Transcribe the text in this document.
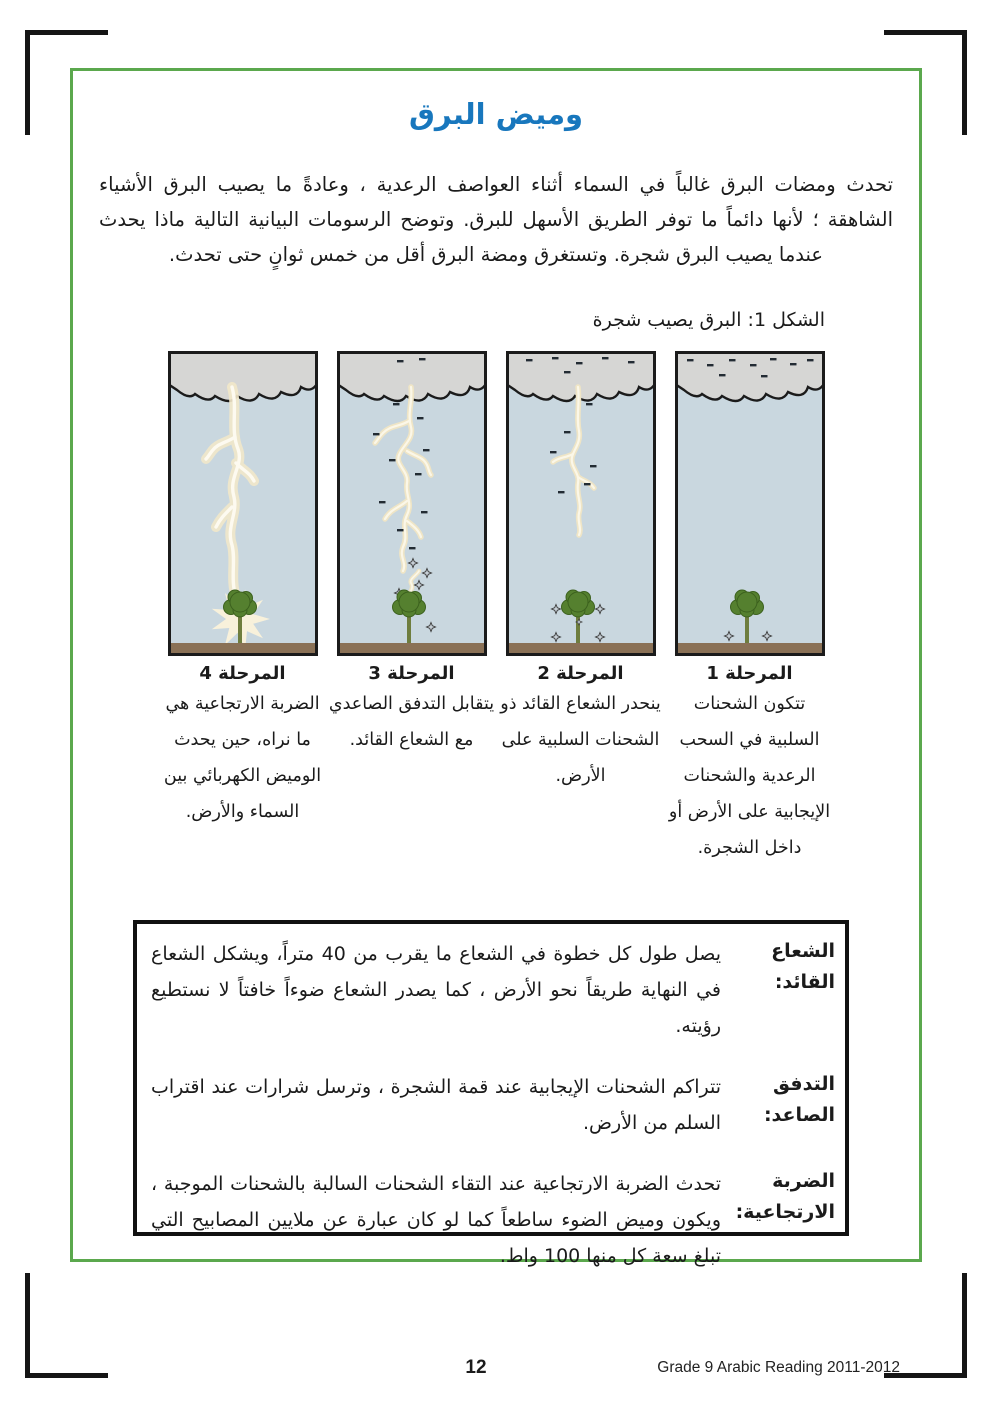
وميض البرق
تحدث ومضات البرق غالباً في السماء أثناء العواصف الرعدية ، وعادةً ما يصيب البرق الأشياء الشاهقة ؛ لأنها دائماً ما توفر الطريق الأسهل للبرق. وتوضح الرسومات البيانية التالية ماذا يحدث عندما يصيب البرق شجرة. وتستغرق ومضة البرق أقل من خمس ثوانٍ حتى تحدث.
الشكل 1: البرق يصيب شجرة
المرحلة 1
تتكون الشحنات السلبية في السحب الرعدية والشحنات الإيجابية على الأرض أو داخل الشجرة.
المرحلة 2
ينحدر الشعاع القائد ذو الشحنات السلبية على الأرض.
المرحلة 3
يتقابل التدفق الصاعدي مع الشعاع القائد.
المرحلة 4
الضربة الارتجاعية هي ما نراه، حين يحدث الوميض الكهربائي بين السماء والأرض.
الشعاع القائد:
يصل طول كل خطوة في الشعاع ما يقرب من 40 متراً، ويشكل الشعاع في النهاية طريقاً نحو الأرض ، كما يصدر الشعاع ضوءاً خافتاً لا نستطيع رؤيته.
التدفق الصاعد:
تتراكم الشحنات الإيجابية عند قمة الشجرة ، وترسل شرارات عند اقتراب السلم من الأرض.
الضربة الارتجاعية:
تحدث الضربة الارتجاعية عند التقاء الشحنات السالبة بالشحنات الموجبة ، ويكون وميض الضوء ساطعاً كما لو كان عبارة عن ملايين المصابيح التي تبلغ سعة كل منها 100 واط.
12	Grade 9 Arabic Reading 2011-2012
